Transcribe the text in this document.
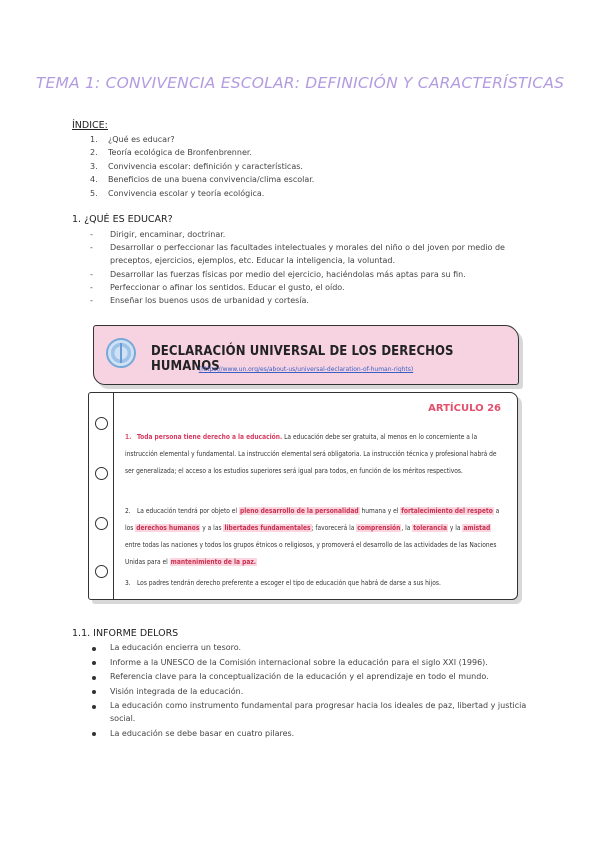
TEMA 1: CONVIVENCIA ESCOLAR: DEFINICIÓN Y CARACTERÍSTICAS
ÍNDICE:
1. ¿Qué es educar?
2. Teoría ecológica de Bronfenbrenner.
3. Convivencia escolar: definición y características.
4. Beneficios de una buena convivencia/clima escolar.
5. Convivencia escolar y teoría ecológica.
1. ¿QUÉ ES EDUCAR?
- Dirigir, encaminar, doctrinar.
- Desarrollar o perfeccionar las facultades intelectuales y morales del niño o del joven por medio de preceptos, ejercicios, ejemplos, etc. Educar la inteligencia, la voluntad.
- Desarrollar las fuerzas físicas por medio del ejercicio, haciéndolas más aptas para su fin.
- Perfeccionar o afinar los sentidos. Educar el gusto, el oído.
- Enseñar los buenos usos de urbanidad y cortesía.
DECLARACIÓN UNIVERSAL DE LOS DERECHOS HUMANOS
(https://www.un.org/es/about-us/universal-declaration-of-human-rights)
ARTÍCULO 26
1. Toda persona tiene derecho a la educación. La educación debe ser gratuita, al menos en lo concerniente a la instrucción elemental y fundamental. La instrucción elemental será obligatoria. La instrucción técnica y profesional habrá de ser generalizada; el acceso a los estudios superiores será igual para todos, en función de los méritos respectivos.
2. La educación tendrá por objeto el pleno desarrollo de la personalidad humana y el fortalecimiento del respeto a los derechos humanos y a las libertades fundamentales; favorecerá la comprensión, la tolerancia y la amistad entre todas las naciones y todos los grupos étnicos o religiosos, y promoverá el desarrollo de las actividades de las Naciones Unidas para el mantenimiento de la paz.
3. Los padres tendrán derecho preferente a escoger el tipo de educación que habrá de darse a sus hijos.
1.1. INFORME DELORS
La educación encierra un tesoro.
Informe a la UNESCO de la Comisión internacional sobre la educación para el siglo XXI (1996).
Referencia clave para la conceptualización de la educación y el aprendizaje en todo el mundo.
Visión integrada de la educación.
La educación como instrumento fundamental para progresar hacia los ideales de paz, libertad y justicia social.
La educación se debe basar en cuatro pilares.
